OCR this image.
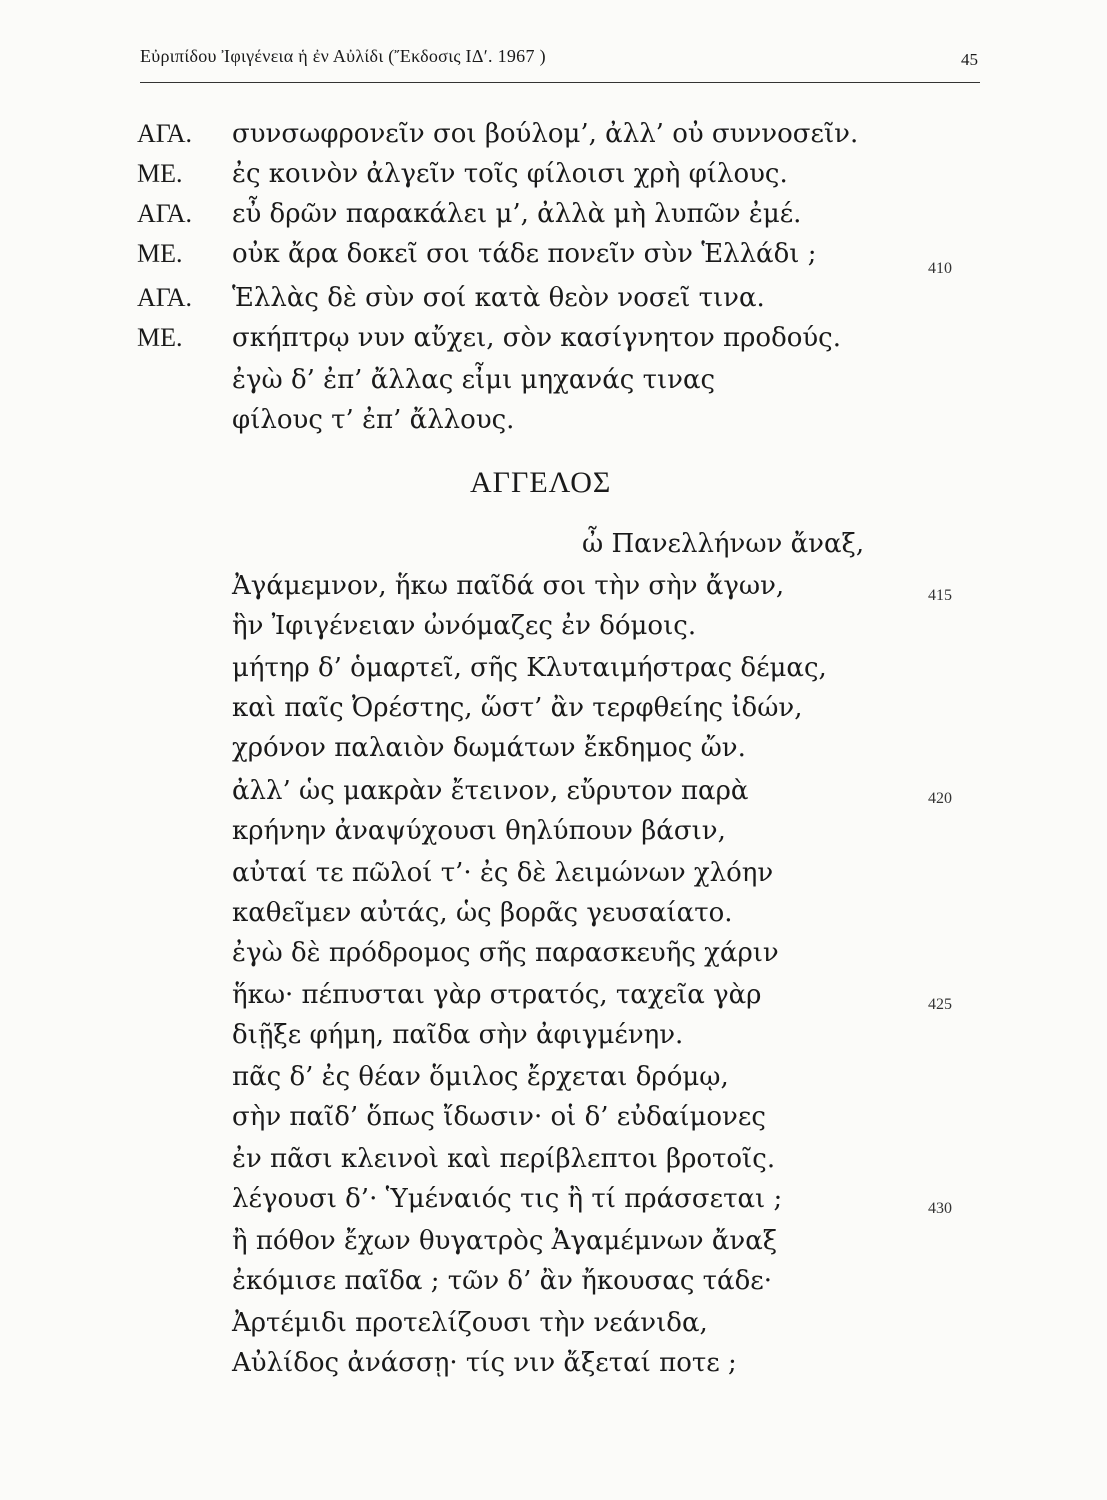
Εὐριπίδου Ἰφιγένεια ἡ ἐν Αὐλίδι (Ἔκδοσις ΙΔʹ. 1967 )	45
ΑΓΑ. συνσωφρονεῖν σοι βούλομ’, ἀλλ’ οὐ συννοσεῖν.
ΜΕ. ἐς κοινὸν ἀλγεῖν τοῖς φίλοισι χρὴ φίλους.
ΑΓΑ. εὖ δρῶν παρακάλει μ’, ἀλλὰ μὴ λυπῶν ἐμέ.
ΜΕ. οὐκ ἄρα δοκεῖ σοι τάδε πονεῖν σὺν Ἑλλάδι ;	410
ΑΓΑ. Ἑλλὰς δὲ σὺν σοί κατὰ θεὸν νοσεῖ τινα.
ΜΕ. σκήπτρῳ νυν αὔχει, σὸν κασίγνητον προδούς.
ἐγὼ δ’ ἐπ’ ἄλλας εἶμι μηχανάς τινας
φίλους τ’ ἐπ’ ἄλλους.
ΑΓΓΕΛΟΣ
ὦ Πανελλήνων ἄναξ,
Ἀγάμεμνον, ἥκω παῖδά σοι τὴν σὴν ἄγων,	415
ἣν Ἰφιγένειαν ὠνόμαζες ἐν δόμοις.
μήτηρ δ’ ὁμαρτεῖ, σῆς Κλυταιμήστρας δέμας,
καὶ παῖς Ὀρέστης, ὥστ’ ἂν τερφθείης ἰδών,
χρόνον παλαιὸν δωμάτων ἔκδημος ὤν.
ἀλλ’ ὡς μακρὰν ἔτεινον, εὔρυτον παρὰ	420
κρήνην ἀναψύχουσι θηλύπουν βάσιν,
αὐταί τε πῶλοί τ’· ἐς δὲ λειμώνων χλόην
καθεῖμεν αὐτάς, ὡς βορᾶς γευσαίατο.
ἐγὼ δὲ πρόδρομος σῆς παρασκευῆς χάριν
ἥκω· πέπυσται γὰρ στρατός, ταχεῖα γὰρ	425
διῇξε φήμη, παῖδα σὴν ἀφιγμένην.
πᾶς δ’ ἐς θέαν ὅμιλος ἔρχεται δρόμῳ,
σὴν παῖδ’ ὅπως ἴδωσιν· οἱ δ’ εὐδαίμονες
ἐν πᾶσι κλεινοὶ καὶ περίβλεπτοι βροτοῖς.
λέγουσι δ’· Ὑμέναιός τις ἢ τί πράσσεται ;	430
ἢ πόθον ἔχων θυγατρὸς Ἀγαμέμνων ἄναξ
ἐκόμισε παῖδα ; τῶν δ’ ἂν ἤκουσας τάδε·
Ἀρτέμιδι προτελίζουσι τὴν νεάνιδα,
Αὐλίδος ἀνάσσῃ· τίς νιν ἄξεταί ποτε ;
